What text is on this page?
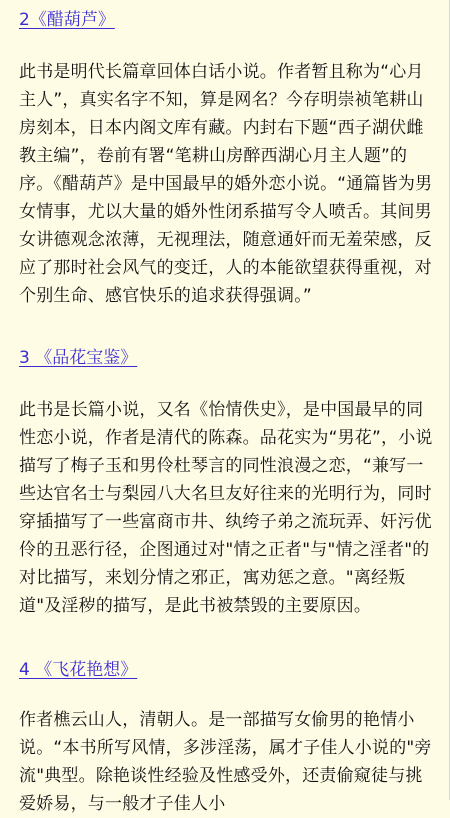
2《醋葫芦》

此书是明代长篇章回体白话小说。作者暂且称为“心月主人”，真实名字不知，算是网名？今存明崇祯笔耕山房刻本，日本内阁文库有藏。内封右下题“西子湖伏雌教主编”，卷前有署“笔耕山房醉西湖心月主人题”的序。《醋葫芦》是中国最早的婚外恋小说。“通篇皆为男女情事，尤以大量的婚外性闭系描写令人喷舌。其间男女讲德观念浓薄，无视理法，随意通奸而无羞荣感，反应了那时社会风气的变迁，人的本能欲望获得重视，对个别生命、感官快乐的追求获得强调。”

3 《品花宝鉴》

此书是长篇小说，又名《怡情佚史》，是中国最早的同性恋小说，作者是清代的陈森。品花实为“男花”，小说描写了梅子玉和男伶杜琴言的同性浪漫之恋，“兼写一些达官名士与梨园八大名旦友好往来的光明行为，同时穿插描写了一些富商市井、纨绔子弟之流玩弄、奸污优伶的丑恶行径，企图通过对"情之正者"与"情之淫者"的对比描写，来划分情之邪正，寓劝惩之意。"离经叛道"及淫秽的描写，是此书被禁毁的主要原因。

4 《飞花艳想》

作者樵云山人，清朝人。是一部描写女偷男的艳情小说。“本书所写风情，多涉淫荡，属才子佳人小说的"旁流"典型。除艳谈性经验及性感受外，还责偷窥徒与挑爱娇易，与一般才子佳人小
